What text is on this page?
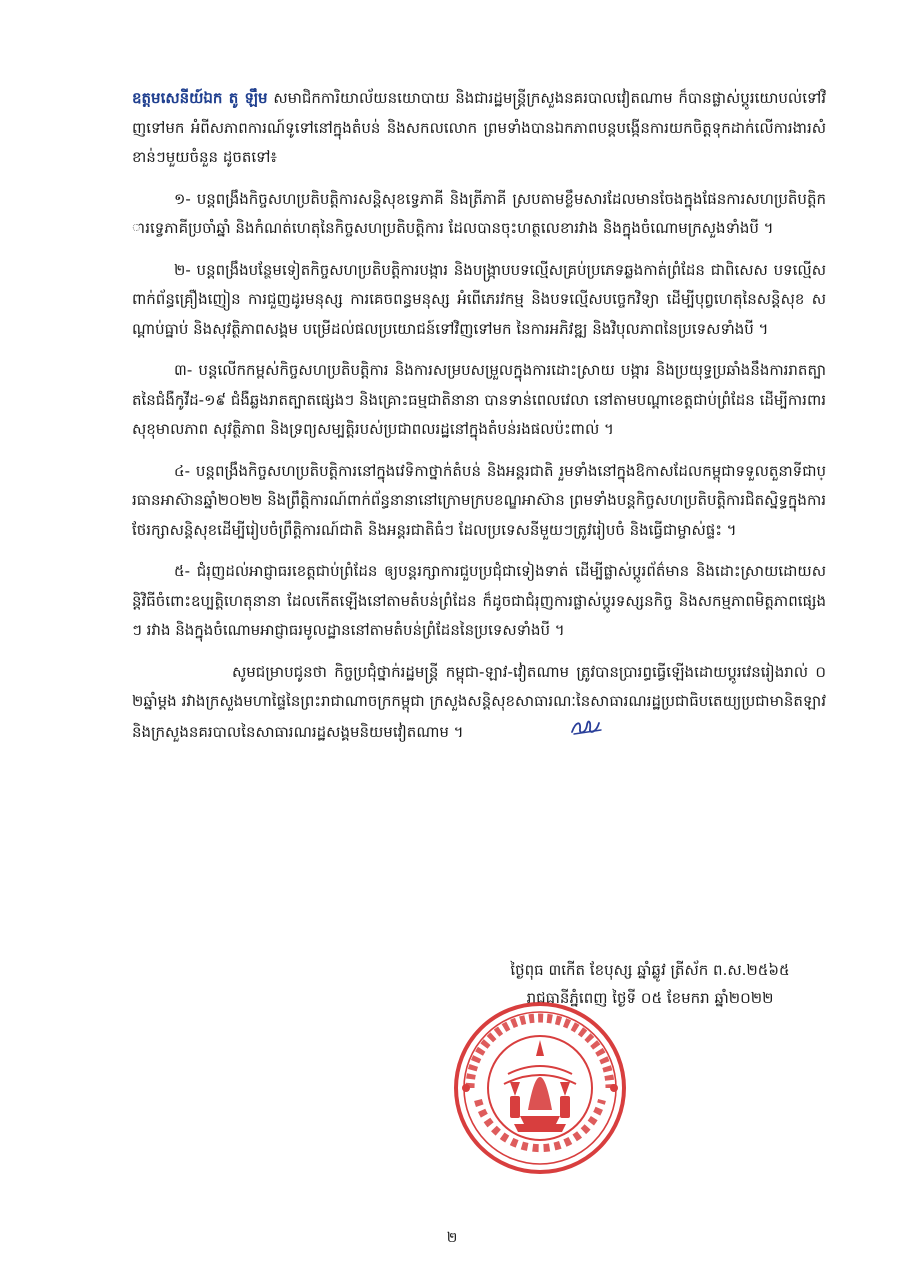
ឧត្តមសេនីយ៍ឯក តូ ឡឹម សមាជិកការិយាល័យនយោបាយ និងជារដ្ឋមន្ត្រីក្រសួងនគរបាលវៀតណាម ក៏បានផ្លាស់ប្តូរយោបល់ទៅវិញទៅមក អំពីសភាពការណ៍ទូទៅនៅក្នុងតំបន់ និងសកលលោក ព្រមទាំងបានឯកភាពបន្តបង្កើនការយកចិត្តទុកដាក់លើការងារសំខាន់ៗមួយចំនួន ដូចតទៅ៖

១- បន្តពង្រឹងកិច្ចសហប្រតិបត្តិការសន្តិសុខទ្វេភាគី និងត្រីភាគី ស្របតាមខ្លឹមសារដែលមានចែងក្នុងផែនការសហប្រតិបត្តិការទ្វេភាគីប្រចាំឆ្នាំ និងកំណត់ហេតុនៃកិច្ចសហប្រតិបត្តិការ ដែលបានចុះហត្ថលេខារវាង និងក្នុងចំណោមក្រសួងទាំងបី ។

២- បន្តពង្រឹងបន្ថែមទៀតកិច្ចសហប្រតិបត្តិការបង្ការ និងបង្ក្រាបបទល្មើសគ្រប់ប្រភេទឆ្លងកាត់ព្រំដែន ជាពិសេស បទល្មើសពាក់ព័ន្ធគ្រឿងញៀន ការជួញដូរមនុស្ស ការគេចពន្ធមនុស្ស អំពើភេរវកម្ម និងបទល្មើសបច្ចេកវិទ្យា ដើម្បីបុព្វហេតុនៃសន្តិសុខ សណ្តាប់ធ្នាប់ និងសុវត្ថិភាពសង្គម បម្រើដល់ផលប្រយោជន៍ទៅវិញទៅមក នៃការអភិវឌ្ឍ និងវិបុលភាពនៃប្រទេសទាំងបី ។

៣- បន្តលើកកម្ពស់កិច្ចសហប្រតិបត្តិការ និងការសម្របសម្រួលក្នុងការដោះស្រាយ បង្ការ និងប្រយុទ្ធប្រឆាំងនឹងការរាតត្បាតនៃជំងឺកូវីដ-១៩ ជំងឺឆ្លងរាតត្បាតផ្សេងៗ និងគ្រោះធម្មជាតិនានា បានទាន់ពេលវេលា នៅតាមបណ្តាខេត្តជាប់ព្រំដែន ដើម្បីការពារសុខុមាលភាព សុវត្ថិភាព និងទ្រព្យសម្បត្តិរបស់ប្រជាពលរដ្ឋនៅក្នុងតំបន់រងផលប៉ះពាល់ ។

៤- បន្តពង្រឹងកិច្ចសហប្រតិបត្តិការនៅក្នុងវេទិកាថ្នាក់តំបន់ និងអន្តរជាតិ រួមទាំងនៅក្នុងឱកាសដែលកម្ពុជាទទួលតួនាទីជាប្រធានអាស៊ានឆ្នាំ២០២២ និងព្រឹត្តិការណ៍ពាក់ព័ន្ធនានានៅក្រោមក្របខណ្ឌអាស៊ាន ព្រមទាំងបន្តកិច្ចសហប្រតិបត្តិការជិតស្និទ្ធក្នុងការថែរក្សាសន្តិសុខដើម្បីរៀបចំព្រឹត្តិការណ៍ជាតិ និងអន្តរជាតិធំៗ ដែលប្រទេសនីមួយៗត្រូវរៀបចំ និងធ្វើជាម្ចាស់ផ្ទះ ។

៥- ជំរុញដល់អាជ្ញាធរខេត្តជាប់ព្រំដែន ឲ្យបន្តរក្សាការជួបប្រជុំជាទៀងទាត់ ដើម្បីផ្លាស់ប្តូរព័ត៌មាន និងដោះស្រាយដោយសន្តិវិធីចំពោះឧប្បត្តិហេតុនានា ដែលកើតឡើងនៅតាមតំបន់ព្រំដែន ក៏ដូចជាជំរុញការផ្លាស់ប្តូរទស្សនកិច្ច និងសកម្មភាពមិត្តភាពផ្សេងៗ រវាង និងក្នុងចំណោមអាជ្ញាធរមូលដ្ឋាននៅតាមតំបន់ព្រំដែននៃប្រទេសទាំងបី ។

សូមជម្រាបជូនថា កិច្ចប្រជុំថ្នាក់រដ្ឋមន្ត្រី កម្ពុជា-ឡាវ-វៀតណាម ត្រូវបានប្រារព្ធធ្វើឡើងដោយប្តូរវេនរៀងរាល់ ០២ឆ្នាំម្តង រវាងក្រសួងមហាផ្ទៃនៃព្រះរាជាណាចក្រកម្ពុជា ក្រសួងសន្តិសុខសាធារណៈនៃសាធារណរដ្ឋប្រជាធិបតេយ្យប្រជាមានិតឡាវ និងក្រសួងនគរបាលនៃសាធារណរដ្ឋសង្គមនិយមវៀតណាម ។

ថ្ងៃពុធ ៣កើត ខែបុស្ស ឆ្នាំឆ្លូវ ត្រីស័ក ព.ស.២៥៦៥
រាជធានីភ្នំពេញ ថ្ងៃទី ០៥ ខែមករា ឆ្នាំ២០២២
២
